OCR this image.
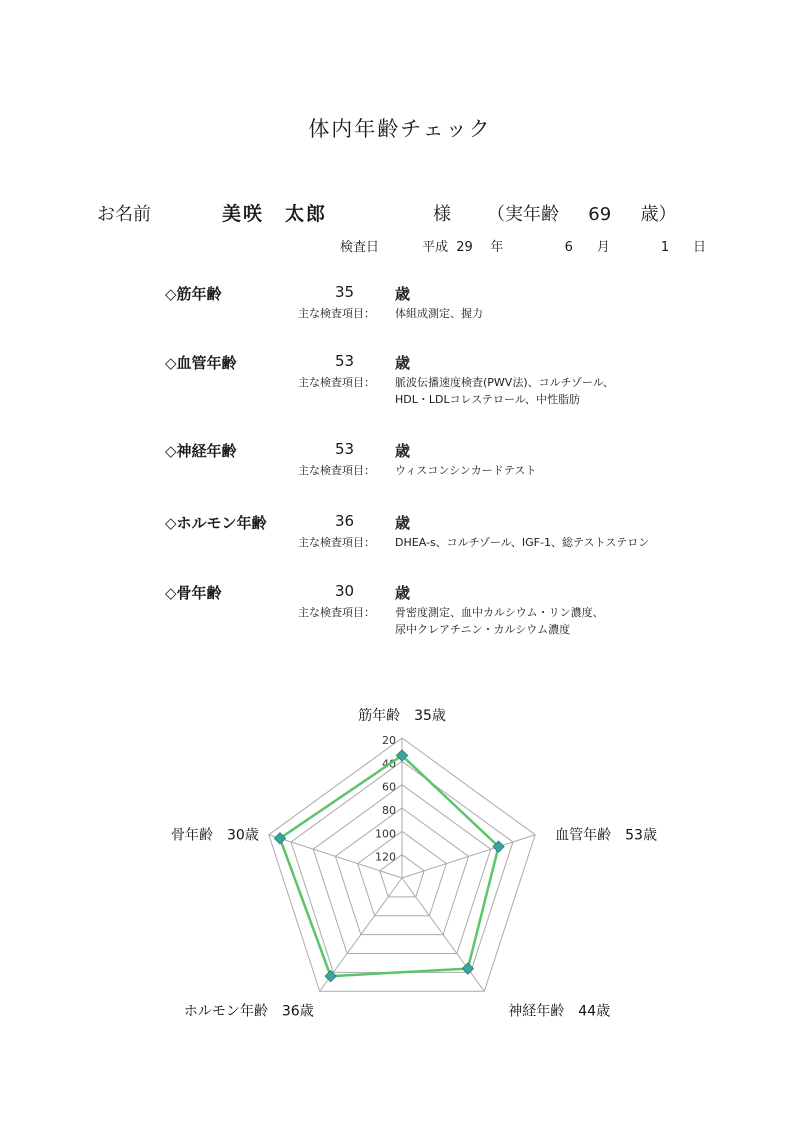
体内年齢チェック
お名前	美咲　太郎	様 （実年齢 69 歳）
検査日	平成 29 年	6 月	1 日
◇筋年齢	35	歳
主な検査項目： 体組成測定、握力
◇血管年齢	53	歳
主な検査項目： 脈波伝播速度検査(PWV法)、コルチゾール、
HDL・LDLコレステロール、中性脂肪
◇神経年齢	53	歳
主な検査項目： ウィスコンシンカードテスト
◇ホルモン年齢	36	歳
主な検査項目： DHEA-s、コルチゾール、IGF-1、総テストステロン
◇骨年齢	30	歳
主な検査項目： 骨密度測定、血中カルシウム・リン濃度、
尿中クレアチニン・カルシウム濃度
20
40
60
80
100
120
筋年齢　35歳
血管年齢　53歳
神経年齢　44歳
ホルモン年齢　36歳
骨年齢　30歳
